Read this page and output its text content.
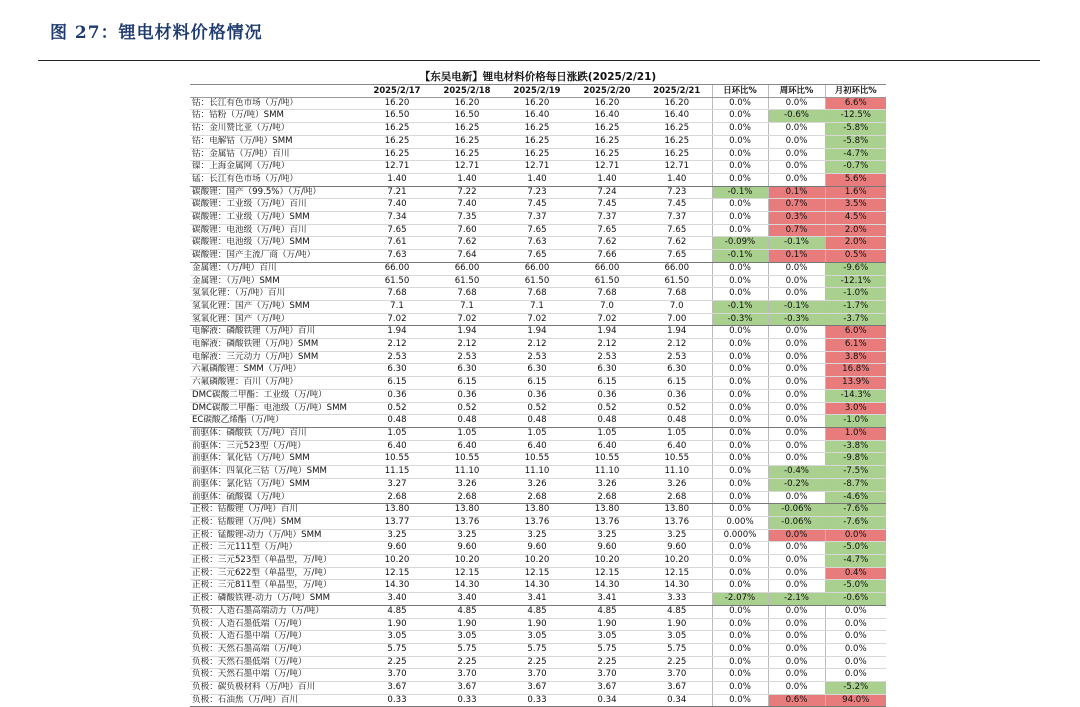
图 27：锂电材料价格情况
【东吴电新】锂电材料价格每日涨跌(2025/2/21)								
	2025/2/17	2025/2/18	2025/2/19	2025/2/20	2025/2/21	日环比%	周环比%	月初环比%
钴：长江有色市场（万/吨）	16.20	16.20	16.20	16.20	16.20	0.0%	0.0%	6.6%
钴：钴粉（万/吨）SMM	16.50	16.50	16.40	16.40	16.40	0.0%	-0.6%	-12.5%
钴：金川赞比亚（万/吨）	16.25	16.25	16.25	16.25	16.25	0.0%	0.0%	-5.8%
钴：电解钴（万/吨）SMM	16.25	16.25	16.25	16.25	16.25	0.0%	0.0%	-5.8%
钴：金属钴（万/吨）百川	16.25	16.25	16.25	16.25	16.25	0.0%	0.0%	-4.7%
镍：上海金属网（万/吨）	12.71	12.71	12.71	12.71	12.71	0.0%	0.0%	-0.7%
锰：长江有色市场（万/吨）	1.40	1.40	1.40	1.40	1.40	0.0%	0.0%	5.6%
碳酸锂：国产（99.5%）（万/吨）	7.21	7.22	7.23	7.24	7.23	-0.1%	0.1%	1.6%
碳酸锂：工业级（万/吨）百川	7.40	7.40	7.45	7.45	7.45	0.0%	0.7%	3.5%
碳酸锂：工业级（万/吨）SMM	7.34	7.35	7.37	7.37	7.37	0.0%	0.3%	4.5%
碳酸锂：电池级（万/吨）百川	7.65	7.60	7.65	7.65	7.65	0.0%	0.7%	2.0%
碳酸锂：电池级（万/吨）SMM	7.61	7.62	7.63	7.62	7.62	-0.09%	-0.1%	2.0%
碳酸锂：国产主流厂商（万/吨）	7.63	7.64	7.65	7.66	7.65	-0.1%	0.1%	0.5%
金属锂：（万/吨）百川	66.00	66.00	66.00	66.00	66.00	0.0%	0.0%	-9.6%
金属锂：（万/吨）SMM	61.50	61.50	61.50	61.50	61.50	0.0%	0.0%	-12.1%
氢氧化锂：（万/吨）百川	7.68	7.68	7.68	7.68	7.68	0.0%	0.0%	-1.0%
氢氧化锂：国产（万/吨）SMM	7.1	7.1	7.1	7.0	7.0	-0.1%	-0.1%	-1.7%
氢氧化锂：国产（万/吨）	7.02	7.02	7.02	7.02	7.00	-0.3%	-0.3%	-3.7%
电解液：磷酸铁锂（万/吨）百川	1.94	1.94	1.94	1.94	1.94	0.0%	0.0%	6.0%
电解液：磷酸铁锂（万/吨）SMM	2.12	2.12	2.12	2.12	2.12	0.0%	0.0%	6.1%
电解液：三元动力（万/吨）SMM	2.53	2.53	2.53	2.53	2.53	0.0%	0.0%	3.8%
六氟磷酸锂：SMM（万/吨）	6.30	6.30	6.30	6.30	6.30	0.0%	0.0%	16.8%
六氟磷酸锂：百川（万/吨）	6.15	6.15	6.15	6.15	6.15	0.0%	0.0%	13.9%
DMC碳酸二甲酯：工业级（万/吨）	0.36	0.36	0.36	0.36	0.36	0.0%	0.0%	-14.3%
DMC碳酸二甲酯：电池级（万/吨）SMM	0.52	0.52	0.52	0.52	0.52	0.0%	0.0%	3.0%
EC碳酸乙烯酯（万/吨）	0.48	0.48	0.48	0.48	0.48	0.0%	0.0%	-1.0%
前驱体：磷酸铁（万/吨）百川	1.05	1.05	1.05	1.05	1.05	0.0%	0.0%	1.0%
前驱体：三元523型（万/吨）	6.40	6.40	6.40	6.40	6.40	0.0%	0.0%	-3.8%
前驱体：氧化钴（万/吨）SMM	10.55	10.55	10.55	10.55	10.55	0.0%	0.0%	-9.8%
前驱体：四氧化三钴（万/吨）SMM	11.15	11.10	11.10	11.10	11.10	0.0%	-0.4%	-7.5%
前驱体：氯化钴（万/吨）SMM	3.27	3.26	3.26	3.26	3.26	0.0%	-0.2%	-8.7%
前驱体：硫酸镍（万/吨）	2.68	2.68	2.68	2.68	2.68	0.0%	0.0%	-4.6%
正极：钴酸锂（万/吨）百川	13.80	13.80	13.80	13.80	13.80	0.0%	-0.06%	-7.6%
正极：钴酸锂（万/吨）SMM	13.77	13.76	13.76	13.76	13.76	0.00%	-0.06%	-7.6%
正极：锰酸锂-动力（万/吨）SMM	3.25	3.25	3.25	3.25	3.25	0.000%	0.0%	0.0%
正极：三元111型（万/吨）	9.60	9.60	9.60	9.60	9.60	0.0%	0.0%	-5.0%
正极：三元523型（单晶型，万/吨）	10.20	10.20	10.20	10.20	10.20	0.0%	0.0%	-4.7%
正极：三元622型（单晶型，万/吨）	12.15	12.15	12.15	12.15	12.15	0.0%	0.0%	0.4%
正极：三元811型（单晶型，万/吨）	14.30	14.30	14.30	14.30	14.30	0.0%	0.0%	-5.0%
正极：磷酸铁锂-动力（万/吨）SMM	3.40	3.40	3.41	3.41	3.33	-2.07%	-2.1%	-0.6%
负极：人造石墨高端动力（万/吨）	4.85	4.85	4.85	4.85	4.85	0.0%	0.0%	0.0%
负极：人造石墨低端（万/吨）	1.90	1.90	1.90	1.90	1.90	0.0%	0.0%	0.0%
负极：人造石墨中端（万/吨）	3.05	3.05	3.05	3.05	3.05	0.0%	0.0%	0.0%
负极：天然石墨高端（万/吨）	5.75	5.75	5.75	5.75	5.75	0.0%	0.0%	0.0%
负极：天然石墨低端（万/吨）	2.25	2.25	2.25	2.25	2.25	0.0%	0.0%	0.0%
负极：天然石墨中端（万/吨）	3.70	3.70	3.70	3.70	3.70	0.0%	0.0%	0.0%
负极：碳负极材料（万/吨）百川	3.67	3.67	3.67	3.67	3.67	0.0%	0.0%	-5.2%
负极：石油焦（万/吨）百川	0.33	0.33	0.33	0.34	0.34	0.0%	0.6%	94.0%
